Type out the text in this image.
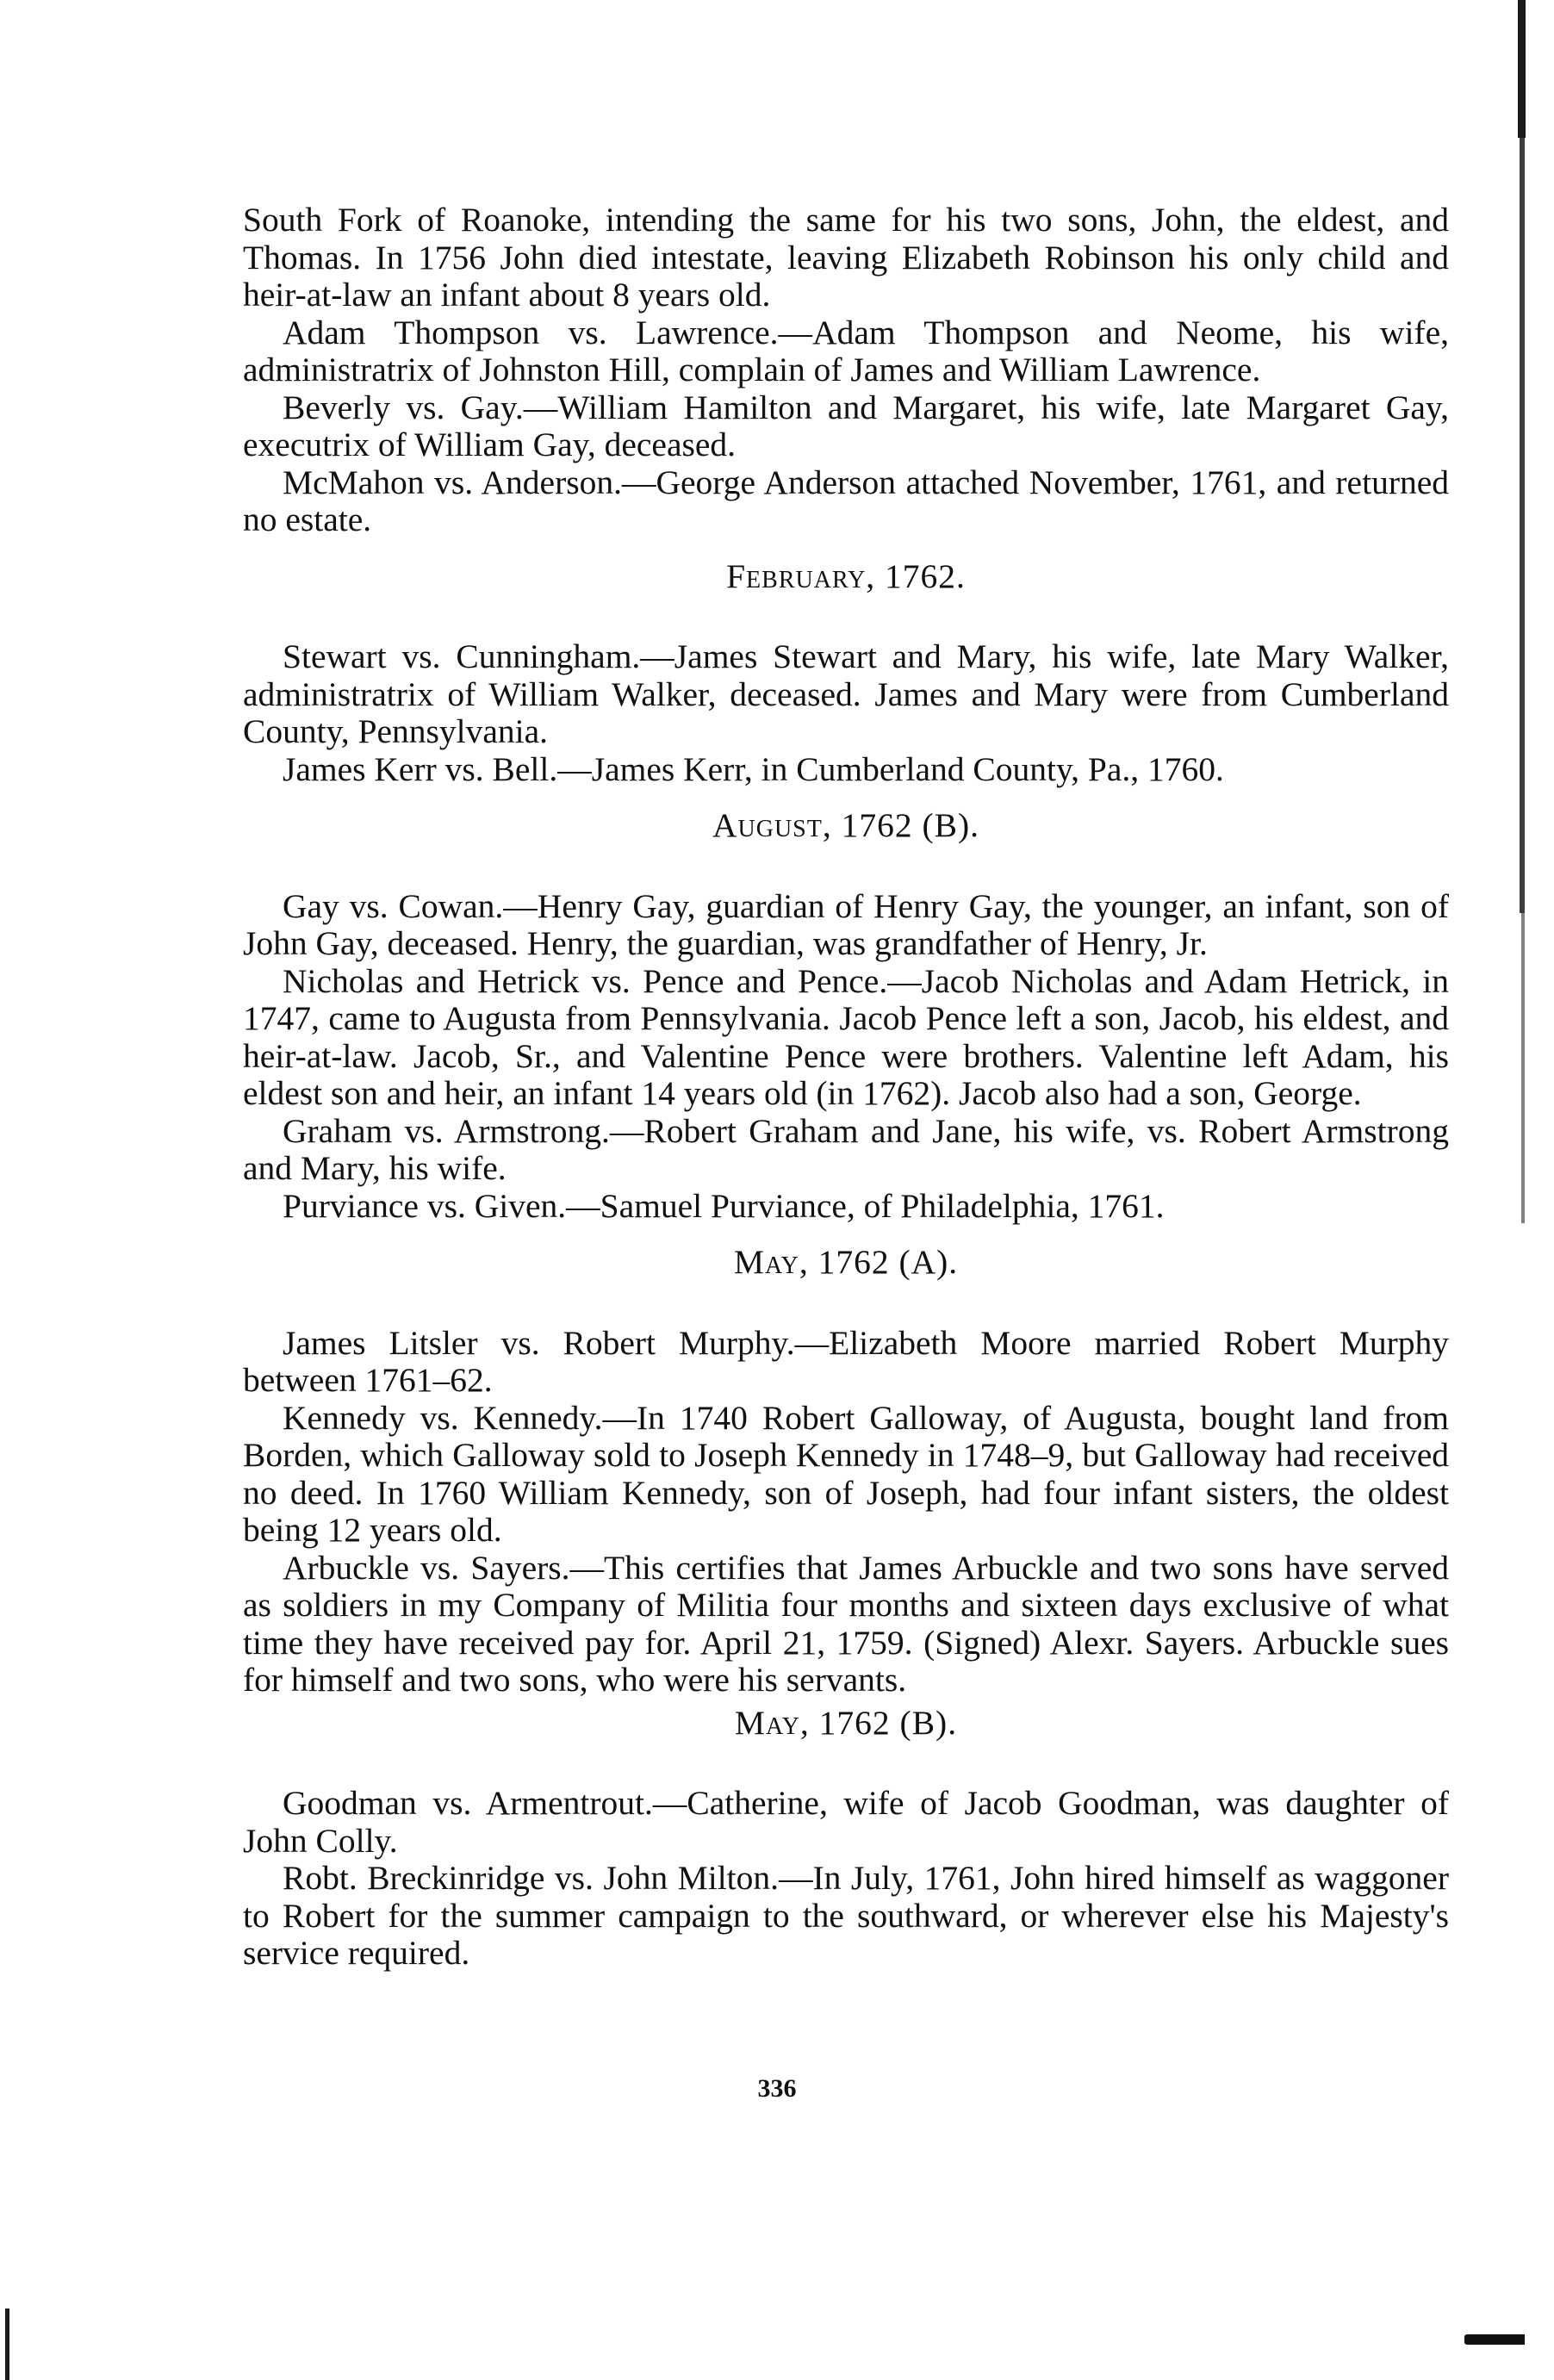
South Fork of Roanoke, intending the same for his two sons, John, the eldest, and Thomas. In 1756 John died intestate, leaving Elizabeth Robinson his only child and heir-at-law an infant about 8 years old.

Adam Thompson vs. Lawrence.—Adam Thompson and Neome, his wife, administratrix of Johnston Hill, complain of James and William Lawrence.

Beverly vs. Gay.—William Hamilton and Margaret, his wife, late Margaret Gay, executrix of William Gay, deceased.

McMahon vs. Anderson.—George Anderson attached November, 1761, and returned no estate.

February, 1762.

Stewart vs. Cunningham.—James Stewart and Mary, his wife, late Mary Walker, administratrix of William Walker, deceased. James and Mary were from Cumberland County, Pennsylvania.

James Kerr vs. Bell.—James Kerr, in Cumberland County, Pa., 1760.

August, 1762 (B).

Gay vs. Cowan.—Henry Gay, guardian of Henry Gay, the younger, an infant, son of John Gay, deceased. Henry, the guardian, was grandfather of Henry, Jr.

Nicholas and Hetrick vs. Pence and Pence.—Jacob Nicholas and Adam Hetrick, in 1747, came to Augusta from Pennsylvania. Jacob Pence left a son, Jacob, his eldest, and heir-at-law. Jacob, Sr., and Valentine Pence were brothers. Valentine left Adam, his eldest son and heir, an infant 14 years old (in 1762). Jacob also had a son, George.

Graham vs. Armstrong.—Robert Graham and Jane, his wife, vs. Robert Armstrong and Mary, his wife.

Purviance vs. Given.—Samuel Purviance, of Philadelphia, 1761.

May, 1762 (A).

James Litsler vs. Robert Murphy.—Elizabeth Moore married Robert Murphy between 1761–62.

Kennedy vs. Kennedy.—In 1740 Robert Galloway, of Augusta, bought land from Borden, which Galloway sold to Joseph Kennedy in 1748–9, but Galloway had received no deed. In 1760 William Kennedy, son of Joseph, had four infant sisters, the oldest being 12 years old.

Arbuckle vs. Sayers.—This certifies that James Arbuckle and two sons have served as soldiers in my Company of Militia four months and sixteen days exclusive of what time they have received pay for. April 21, 1759. (Signed) Alexr. Sayers. Arbuckle sues for himself and two sons, who were his servants.

May, 1762 (B).

Goodman vs. Armentrout.—Catherine, wife of Jacob Goodman, was daughter of John Colly.

Robt. Breckinridge vs. John Milton.—In July, 1761, John hired himself as waggoner to Robert for the summer campaign to the southward, or wherever else his Majesty's service required.

336
